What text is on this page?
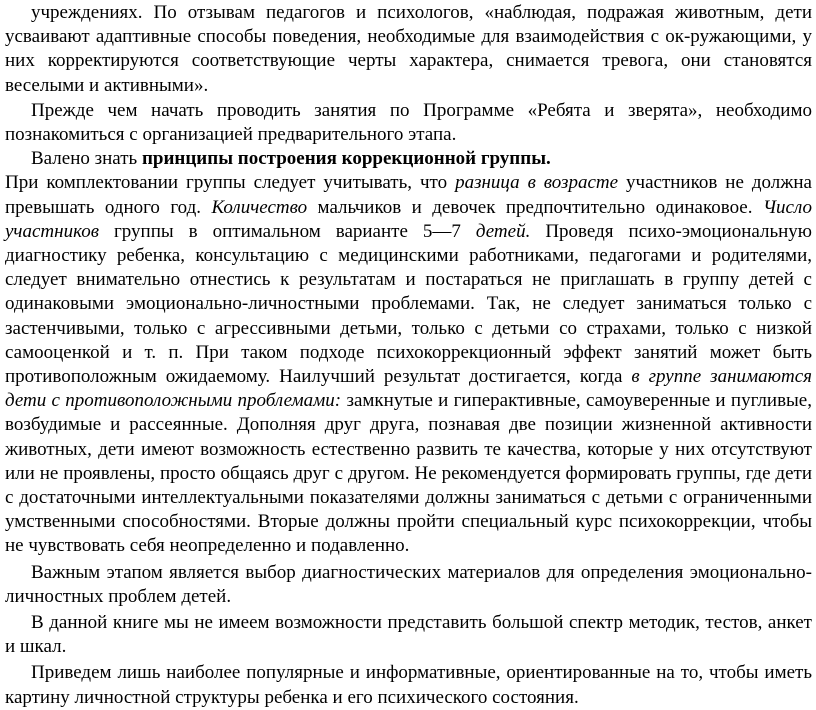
учреждениях. По отзывам педагогов и психологов, «наблюдая, подражая животным, дети усваивают адаптивные способы поведения, необходимые для взаимодействия с ок-ружающими, у них корректируются соответствующие черты характера, снимается тревога, они становятся веселыми и активными».

Прежде чем начать проводить занятия по Программе «Ребята и зверята», необходимо познакомиться с организацией предварительного этапа.

Валено знать принципы построения коррекционной группы.

При комплектовании группы следует учитывать, что разница в возрасте участников не должна превышать одного год. Количество мальчиков и девочек предпочтительно одинаковое. Число участников группы в оптимальном варианте 5—7 детей. Проведя психо-эмоциональную диагностику ребенка, консультацию с медицинскими работниками, педагогами и родителями, следует внимательно отнестись к результатам и постараться не приглашать в группу детей с одинаковыми эмоционально-личностными проблемами. Так, не следует заниматься только с застенчивыми, только с агрессивными детьми, только с детьми со страхами, только с низкой самооценкой и т. п. При таком подходе психокоррекционный эффект занятий может быть противоположным ожидаемому. Наилучший результат достигается, когда в группе занимаются дети с противоположными проблемами: замкнутые и гиперактивные, самоуверенные и пугливые, возбудимые и рассеянные. Дополняя друг друга, познавая две позиции жизненной активности животных, дети имеют возможность естественно развить те качества, которые у них отсутствуют или не проявлены, просто общаясь друг с другом. Не рекомендуется формировать группы, где дети с достаточными интеллектуальными показателями должны заниматься с детьми с ограниченными умственными способностями. Вторые должны пройти специальный курс психокоррекции, чтобы не чувствовать себя неопределенно и подавленно.

Важным этапом является выбор диагностических материалов для определения эмоционально-личностных проблем детей.

В данной книге мы не имеем возможности представить большой спектр методик, тестов, анкет и шкал.

Приведем лишь наиболее популярные и информативные, ориентированные на то, чтобы иметь картину личностной структуры ребенка и его психического состояния.
